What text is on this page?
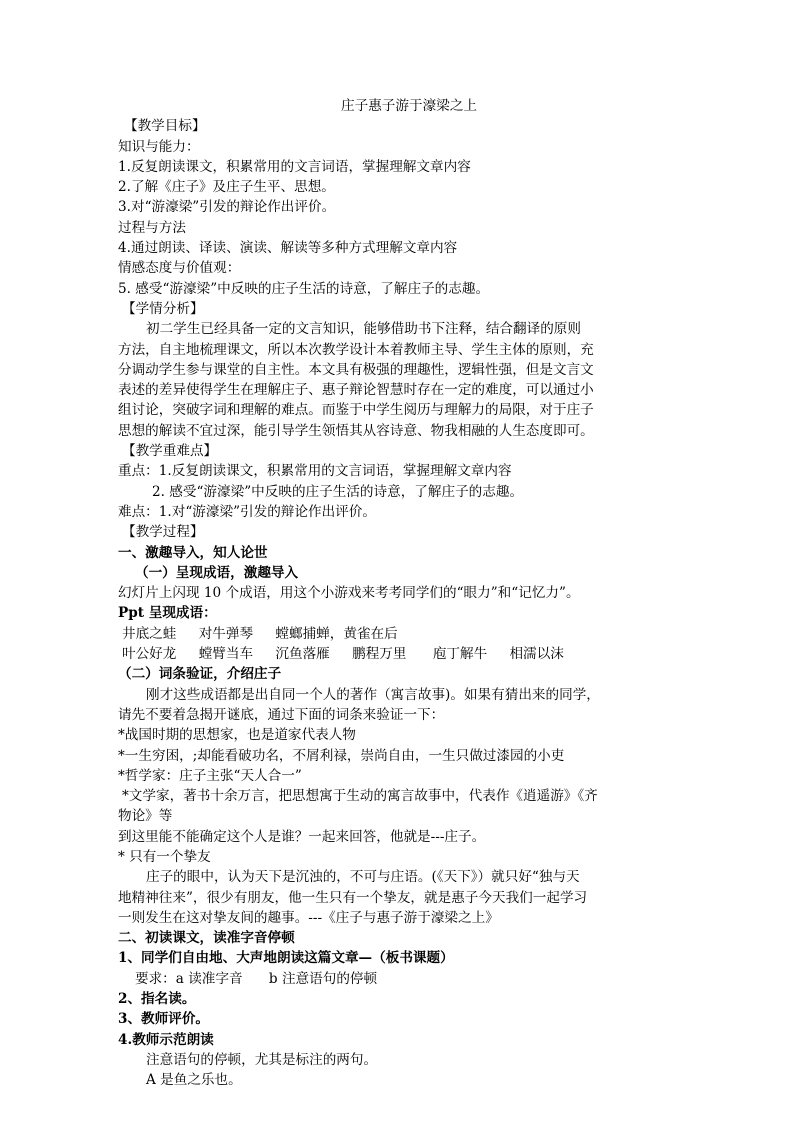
庄子惠子游于濠梁之上
【教学目标】
知识与能力：
1.反复朗读课文，积累常用的文言词语，掌握理解文章内容
2.了解《庄子》及庄子生平、思想。
3.对“游濠梁”引发的辩论作出评价。
过程与方法
4.通过朗读、译读、演读、解读等多种方式理解文章内容
情感态度与价值观：
5. 感受“游濠梁”中反映的庄子生活的诗意，了解庄子的志趣。
【学情分析】
初二学生已经具备一定的文言知识，能够借助书下注释，结合翻译的原则
方法，自主地梳理课文，所以本次教学设计本着教师主导、学生主体的原则，充
分调动学生参与课堂的自主性。本文具有极强的理趣性，逻辑性强，但是文言文
表述的差异使得学生在理解庄子、惠子辩论智慧时存在一定的难度，可以通过小
组讨论，突破字词和理解的难点。而鉴于中学生阅历与理解力的局限，对于庄子
思想的解读不宜过深，能引导学生领悟其从容诗意、物我相融的人生态度即可。
【教学重难点】
重点：1.反复朗读课文，积累常用的文言词语，掌握理解文章内容
2. 感受“游濠梁”中反映的庄子生活的诗意，了解庄子的志趣。
难点：1.对“游濠梁”引发的辩论作出评价。
【教学过程】
一、激趣导入，知人论世
（一）呈现成语，激趣导入
幻灯片上闪现 10 个成语，用这个小游戏来考考同学们的“眼力”和“记忆力”。
Ppt 呈现成语：
井底之蛙 对牛弹琴 螳螂捕蝉，黄雀在后
叶公好龙 螳臂当车 沉鱼落雁 鹏程万里 庖丁解牛 相濡以沫
（二）词条验证，介绍庄子
刚才这些成语都是出自同一个人的著作（寓言故事)。如果有猜出来的同学，
请先不要着急揭开谜底，通过下面的词条来验证一下：
*战国时期的思想家，也是道家代表人物
*一生穷困，;却能看破功名，不屑利禄，崇尚自由，一生只做过漆园的小吏
*哲学家：庄子主张“天人合一”
*文学家，著书十余万言，把思想寓于生动的寓言故事中，代表作《逍遥游》《齐
物论》等
到这里能不能确定这个人是谁？一起来回答，他就是---庄子。
* 只有一个挚友
庄子的眼中，认为天下是沉浊的，不可与庄语。(《天下》）就只好“独与天
地精神往来”，很少有朋友，他一生只有一个挚友，就是惠子今天我们一起学习
一则发生在这对挚友间的趣事。---《庄子与惠子游于濠梁之上》
二、初读课文，读准字音停顿
1、同学们自由地、大声地朗读这篇文章—（板书课题）
要求：a 读准字音 b 注意语句的停顿
2、指名读。
3、教师评价。
4.教师示范朗读
注意语句的停顿，尤其是标注的两句。
A 是鱼之乐也。
